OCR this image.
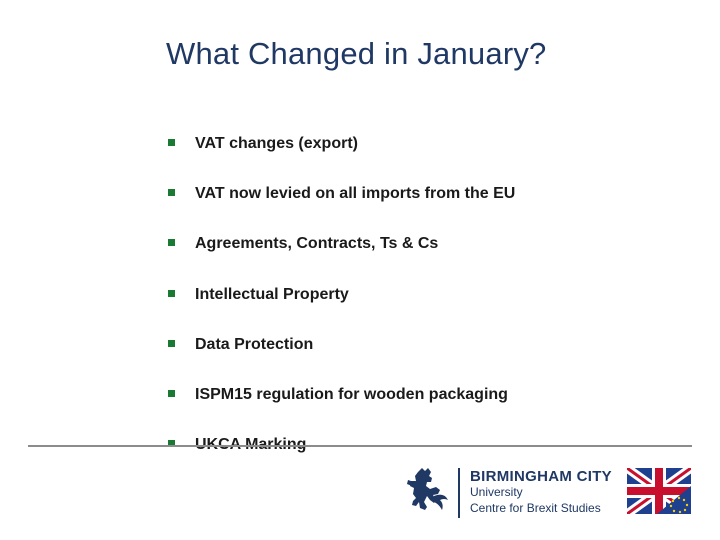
What Changed in January?
VAT changes (export)
VAT now levied on all imports from the EU
Agreements, Contracts, Ts & Cs
Intellectual Property
Data Protection
ISPM15 regulation for wooden packaging
UKCA Marking
BIRMINGHAM CITY
University
Centre for Brexit Studies
